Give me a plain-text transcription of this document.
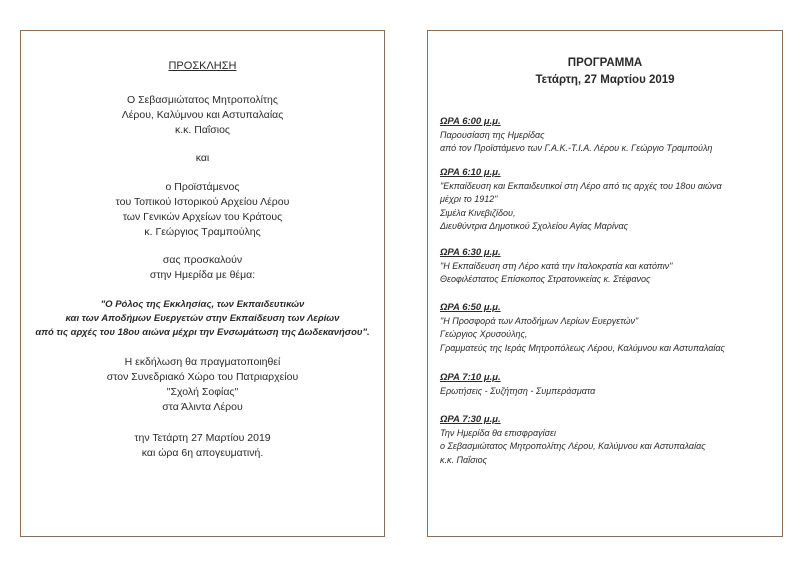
ΠΡΟΣΚΛΗΣΗ
Ο Σεβασμιώτατος Μητροπολίτης
Λέρου, Καλύμνου και Αστυπαλαίας
κ.κ. Παΐσιος
και
ο Προϊστάμενος
του Τοπικού Ιστορικού Αρχείου Λέρου
των Γενικών Αρχείων του Κράτους
κ. Γεώργιος Τραμπούλης
σας προσκαλούν
στην Ημερίδα με θέμα:
"Ο Ρόλος της Εκκλησίας, των Εκπαιδευτικών
και των Αποδήμων Ευεργετών στην Εκπαίδευση των Λερίων
από τις αρχές του 18ου αιώνα μέχρι την Ενσωμάτωση της Δωδεκανήσου".
Η εκδήλωση θα πραγματοποιηθεί
στον Συνεδριακό Χώρο του Πατριαρχείου
"Σχολή Σοφίας"
στα Άλιντα Λέρου
την Τετάρτη 27 Μαρτίου 2019
και ώρα 6η απογευματινή.
ΠΡΟΓΡΑΜΜΑ
Τετάρτη, 27 Μαρτίου 2019
ΩΡΑ 6:00 μ.μ.
Παρουσίαση της Ημερίδας
από τον Προϊστάμενο των Γ.Α.Κ.-Τ.Ι.Α. Λέρου κ. Γεώργιο Τραμπούλη
ΩΡΑ 6:10 μ.μ.
"Εκπαίδευση και Εκπαιδευτικοί στη Λέρο από τις αρχές του 18ου αιώνα
μέχρι το 1912"
Σιμέλα Κινεβιζίδου,
Διευθύντρια Δημοτικού Σχολείου Αγίας Μαρίνας
ΩΡΑ 6:30 μ.μ.
"Η Εκπαίδευση στη Λέρο κατά την Ιταλοκρατία και κατόπιν"
Θεοφιλέστατος Επίσκοπος Στρατονικείας κ. Στέφανος
ΩΡΑ 6:50 μ.μ.
"Η Προσφορά των Αποδήμων Λερίων Ευεργετών"
Γεώργιος Χρυσούλης,
Γραμματεύς της Ιεράς Μητροπόλεως Λέρου, Καλύμνου και Αστυπαλαίας
ΩΡΑ 7:10 μ.μ.
Ερωτήσεις - Συζήτηση - Συμπεράσματα
ΩΡΑ 7:30 μ.μ.
Την Ημερίδα θα επισφραγίσει
ο Σεβασμιώτατος Μητροπολίτης Λέρου, Καλύμνου και Αστυπαλαίας
κ.κ. Παΐσιος
